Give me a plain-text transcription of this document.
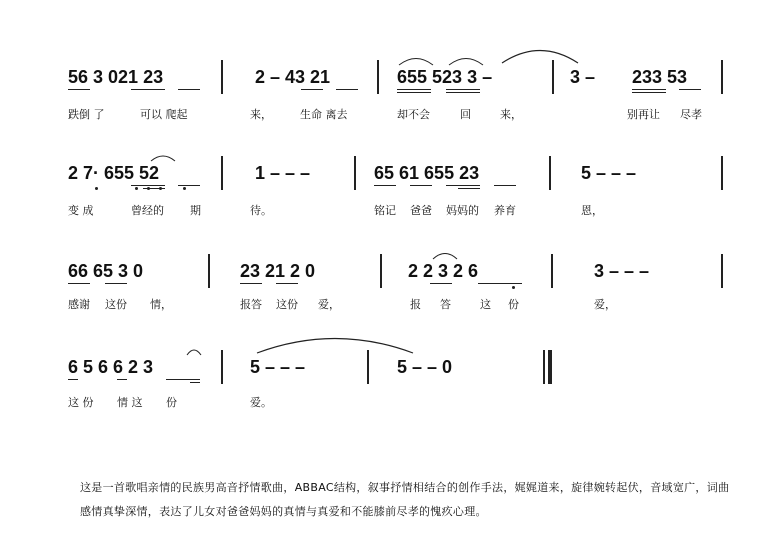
56 3 021 23	2 – 43 21	655 523 3 –	3 – 233 53
跌倒 了	可以 爬起	来，	生命 离去	却不会	回	来，	别再让 尽孝
2 7· 655 52	1 – – –	65 61 655 23	5 – – –
变 成	曾经的 期	待。	铭记 爸爸 妈妈的 养育	恩，
66 65 3 0	23 21 2 0	2 2 3 2 6	3 – – –
感谢 这份 情，	报答 这份 爱，	报 答	这 份	爱，
6 5 6 6 2 3	5 – – –	5 – – 0
这 份 情 这 份	爱。
这是一首歌唱亲情的民族男高音抒情歌曲，ABBAC结构，叙事抒情相结合的创作手法，娓娓道来，旋律婉转起伏，音域宽广，词曲感情真挚深情，表达了儿女对爸爸妈妈的真情与真爱和不能膝前尽孝的愧疚心理。
